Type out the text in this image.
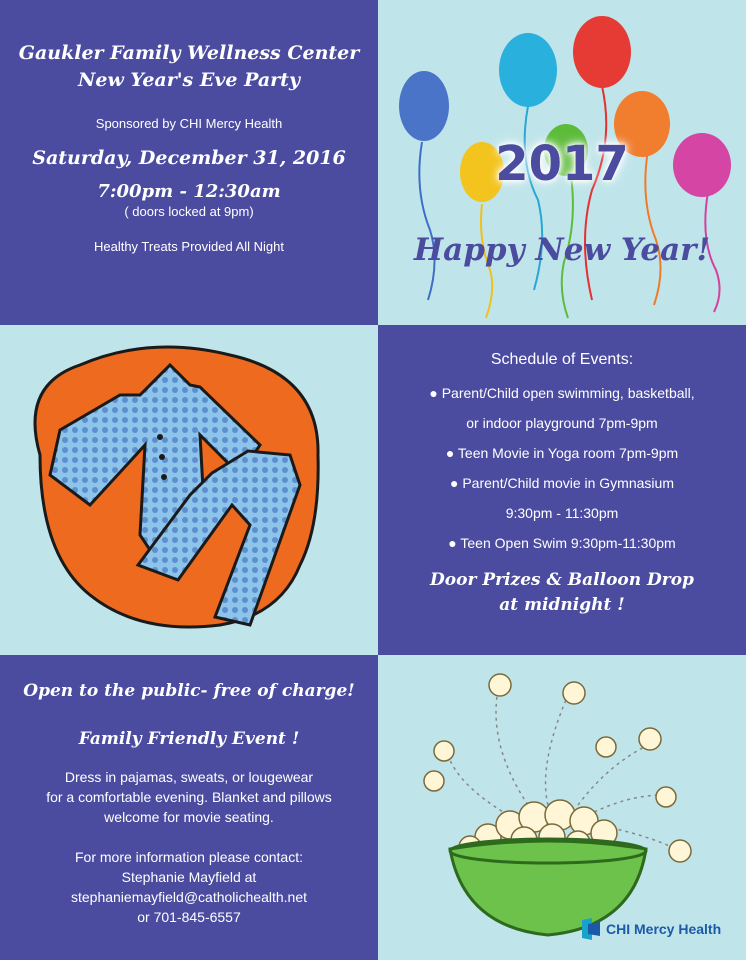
Gaukler Family Wellness Center
New Year's Eve Party
Sponsored by CHI Mercy Health
Saturday, December 31, 2016
7:00pm - 12:30am
( doors locked at 9pm)
Healthy Treats Provided All Night
2017
Happy New Year!
Schedule of Events:
● Parent/Child open swimming, basketball,
or indoor playground 7pm-9pm
● Teen Movie in Yoga room 7pm-9pm
● Parent/Child movie in Gymnasium
9:30pm - 11:30pm
● Teen Open Swim 9:30pm-11:30pm
Door Prizes & Balloon Drop
at midnight !
Open to the public- free of charge!
Family Friendly Event !
Dress in pajamas, sweats, or lougewear
for a comfortable evening. Blanket and pillows
welcome for movie seating.
For more information please contact:
Stephanie Mayfield at
stephaniemayfield@catholichealth.net
or 701-845-6557
CHI Mercy Health
